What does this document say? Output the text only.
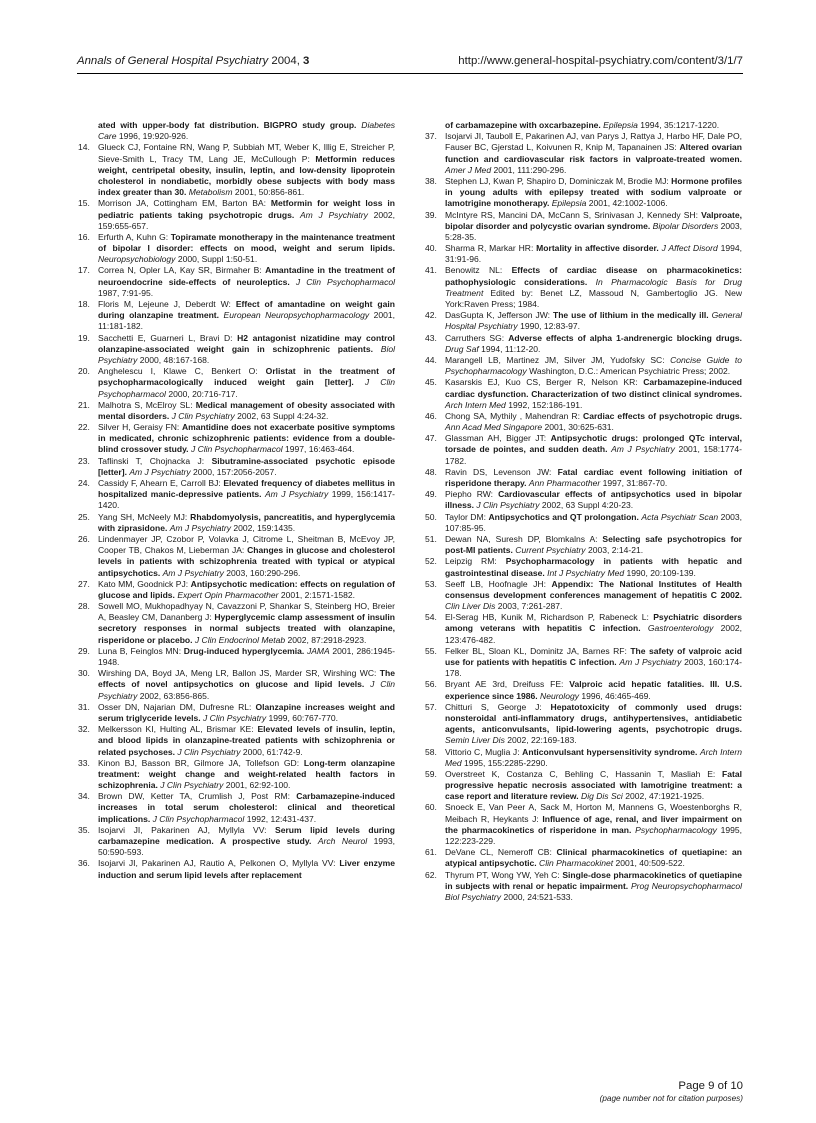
Annals of General Hospital Psychiatry 2004, 3	http://www.general-hospital-psychiatry.com/content/3/1/7
ated with upper-body fat distribution. BIGPRO study group. Diabetes Care 1996, 19:920-926.
14. Glueck CJ, Fontaine RN, Wang P, Subbiah MT, Weber K, Illig E, Streicher P, Sieve-Smith L, Tracy TM, Lang JE, McCullough P: Metformin reduces weight, centripetal obesity, insulin, leptin, and low-density lipoprotein cholesterol in nondiabetic, morbidly obese subjects with body mass index greater than 30. Metabolism 2001, 50:856-861.
15. Morrison JA, Cottingham EM, Barton BA: Metformin for weight loss in pediatric patients taking psychotropic drugs. Am J Psychiatry 2002, 159:655-657.
16. Erfurth A, Kuhn G: Topiramate monotherapy in the maintenance treatment of bipolar I disorder: effects on mood, weight and serum lipids. Neuropsychobiology 2000, Suppl 1:50-51.
17. Correa N, Opler LA, Kay SR, Birmaher B: Amantadine in the treatment of neuroendocrine side-effects of neuroleptics. J Clin Psychopharmacol 1987, 7:91-95.
18. Floris M, Lejeune J, Deberdt W: Effect of amantadine on weight gain during olanzapine treatment. European Neuropsychopharmacology 2001, 11:181-182.
19. Sacchetti E, Guarneri L, Bravi D: H2 antagonist nizatidine may control olanzapine-associated weight gain in schizophrenic patients. Biol Psychiatry 2000, 48:167-168.
20. Anghelescu I, Klawe C, Benkert O: Orlistat in the treatment of psychopharmacologically induced weight gain [letter]. J Clin Psychopharmacol 2000, 20:716-717.
21. Malhotra S, McElroy SL: Medical management of obesity associated with mental disorders. J Clin Psychiatry 2002, 63 Suppl 4:24-32.
22. Silver H, Geraisy FN: Amantidine does not exacerbate positive symptoms in medicated, chronic schizophrenic patients: evidence from a double-blind crossover study. J Clin Psychopharmacol 1997, 16:463-464.
23. Taflinski T, Chojnacka J: Sibutramine-associated psychotic episode [letter]. Am J Psychiatry 2000, 157:2056-2057.
24. Cassidy F, Ahearn E, Carroll BJ: Elevated frequency of diabetes mellitus in hospitalized manic-depressive patients. Am J Psychiatry 1999, 156:1417-1420.
25. Yang SH, McNeely MJ: Rhabdomyolysis, pancreatitis, and hyperglycemia with ziprasidone. Am J Psychiatry 2002, 159:1435.
26. Lindenmayer JP, Czobor P, Volavka J, Citrome L, Sheitman B, McEvoy JP, Cooper TB, Chakos M, Lieberman JA: Changes in glucose and cholesterol levels in patients with schizophrenia treated with typical or atypical antipsychotics. Am J Psychiatry 2003, 160:290-296.
27. Kato MM, Goodnick PJ: Antipsychotic medication: effects on regulation of glucose and lipids. Expert Opin Pharmacother 2001, 2:1571-1582.
28. Sowell MO, Mukhopadhyay N, Cavazzoni P, Shankar S, Steinberg HO, Breier A, Beasley CM, Dananberg J: Hyperglycemic clamp assessment of insulin secretory responses in normal subjects treated with olanzapine, risperidone or placebo. J Clin Endocrinol Metab 2002, 87:2918-2923.
29. Luna B, Feinglos MN: Drug-induced hyperglycemia. JAMA 2001, 286:1945-1948.
30. Wirshing DA, Boyd JA, Meng LR, Ballon JS, Marder SR, Wirshing WC: The effects of novel antipsychotics on glucose and lipid levels. J Clin Psychiatry 2002, 63:856-865.
31. Osser DN, Najarian DM, Dufresne RL: Olanzapine increases weight and serum triglyceride levels. J Clin Psychiatry 1999, 60:767-770.
32. Melkersson KI, Hulting AL, Brismar KE: Elevated levels of insulin, leptin, and blood lipids in olanzapine-treated patients with schizophrenia or related psychoses. J Clin Psychiatry 2000, 61:742-9.
33. Kinon BJ, Basson BR, Gilmore JA, Tollefson GD: Long-term olanzapine treatment: weight change and weight-related health factors in schizophrenia. J Clin Psychiatry 2001, 62:92-100.
34. Brown DW, Ketter TA, Crumlish J, Post RM: Carbamazepine-induced increases in total serum cholesterol: clinical and theoretical implications. J Clin Psychopharmacol 1992, 12:431-437.
35. Isojarvi JI, Pakarinen AJ, Myllyla VV: Serum lipid levels during carbamazepine medication. A prospective study. Arch Neurol 1993, 50:590-593.
36. Isojarvi JI, Pakarinen AJ, Rautio A, Pelkonen O, Myllyla VV: Liver enzyme induction and serum lipid levels after replacement
of carbamazepine with oxcarbazepine. Epilepsia 1994, 35:1217-1220.
37. Isojarvi JI, Tauboll E, Pakarinen AJ, van Parys J, Rattya J, Harbo HF, Dale PO, Fauser BC, Gjerstad L, Koivunen R, Knip M, Tapanainen JS: Altered ovarian function and cardiovascular risk factors in valproate-treated women. Amer J Med 2001, 111:290-296.
38. Stephen LJ, Kwan P, Shapiro D, Dominiczak M, Brodie MJ: Hormone profiles in young adults with epilepsy treated with sodium valproate or lamotrigine monotherapy. Epilepsia 2001, 42:1002-1006.
39. McIntyre RS, Mancini DA, McCann S, Srinivasan J, Kennedy SH: Valproate, bipolar disorder and polycystic ovarian syndrome. Bipolar Disorders 2003, 5:28-35.
40. Sharma R, Markar HR: Mortality in affective disorder. J Affect Disord 1994, 31:91-96.
41. Benowitz NL: Effects of cardiac disease on pharmacokinetics: pathophysiologic considerations. In Pharmacologic Basis for Drug Treatment Edited by: Benet LZ, Massoud N, Gambertoglio JG. New York:Raven Press; 1984.
42. DasGupta K, Jefferson JW: The use of lithium in the medically ill. General Hospital Psychiatry 1990, 12:83-97.
43. Carruthers SG: Adverse effects of alpha 1-andrenergic blocking drugs. Drug Saf 1994, 11:12-20.
44. Marangell LB, Martinez JM, Silver JM, Yudofsky SC: Concise Guide to Psychopharmacology Washington, D.C.: American Psychiatric Press; 2002.
45. Kasarskis EJ, Kuo CS, Berger R, Nelson KR: Carbamazepine-induced cardiac dysfunction. Characterization of two distinct clinical syndromes. Arch Intern Med 1992, 152:186-191.
46. Chong SA, Mythily , Mahendran R: Cardiac effects of psychotropic drugs. Ann Acad Med Singapore 2001, 30:625-631.
47. Glassman AH, Bigger JT: Antipsychotic drugs: prolonged QTc interval, torsade de pointes, and sudden death. Am J Psychiatry 2001, 158:1774-1782.
48. Ravin DS, Levenson JW: Fatal cardiac event following initiation of risperidone therapy. Ann Pharmacother 1997, 31:867-70.
49. Piepho RW: Cardiovascular effects of antipsychotics used in bipolar illness. J Clin Psychiatry 2002, 63 Suppl 4:20-23.
50. Taylor DM: Antipsychotics and QT prolongation. Acta Psychiatr Scan 2003, 107:85-95.
51. Dewan NA, Suresh DP, Blomkalns A: Selecting safe psychotropics for post-MI patients. Current Psychiatry 2003, 2:14-21.
52. Leipzig RM: Psychopharmacology in patients with hepatic and gastrointestinal disease. Int J Psychiatry Med 1990, 20:109-139.
53. Seeff LB, Hoofnagle JH: Appendix: The National Institutes of Health consensus development conferences management of hepatitis C 2002. Clin Liver Dis 2003, 7:261-287.
54. El-Serag HB, Kunik M, Richardson P, Rabeneck L: Psychiatric disorders among veterans with hepatitis C infection. Gastroenterology 2002, 123:476-482.
55. Felker BL, Sloan KL, Dominitz JA, Barnes RF: The safety of valproic acid use for patients with hepatitis C infection. Am J Psychiatry 2003, 160:174-178.
56. Bryant AE 3rd, Dreifuss FE: Valproic acid hepatic fatalities. III. U.S. experience since 1986. Neurology 1996, 46:465-469.
57. Chitturi S, George J: Hepatotoxicity of commonly used drugs: nonsteroidal anti-inflammatory drugs, antihypertensives, antidiabetic agents, anticonvulsants, lipid-lowering agents, psychotropic drugs. Semin Liver Dis 2002, 22:169-183.
58. Vittorio C, Muglia J: Anticonvulsant hypersensitivity syndrome. Arch Intern Med 1995, 155:2285-2290.
59. Overstreet K, Costanza C, Behling C, Hassanin T, Masliah E: Fatal progressive hepatic necrosis associated with lamotrigine treatment: a case report and literature review. Dig Dis Sci 2002, 47:1921-1925.
60. Snoeck E, Van Peer A, Sack M, Horton M, Mannens G, Woestenborghs R, Meibach R, Heykants J: Influence of age, renal, and liver impairment on the pharmacokinetics of risperidone in man. Psychopharmacology 1995, 122:223-229.
61. DeVane CL, Nemeroff CB: Clinical pharmacokinetics of quetiapine: an atypical antipsychotic. Clin Pharmacokinet 2001, 40:509-522.
62. Thyrum PT, Wong YW, Yeh C: Single-dose pharmacokinetics of quetiapine in subjects with renal or hepatic impairment. Prog Neuropsychopharmacol Biol Psychiatry 2000, 24:521-533.
Page 9 of 10
(page number not for citation purposes)
